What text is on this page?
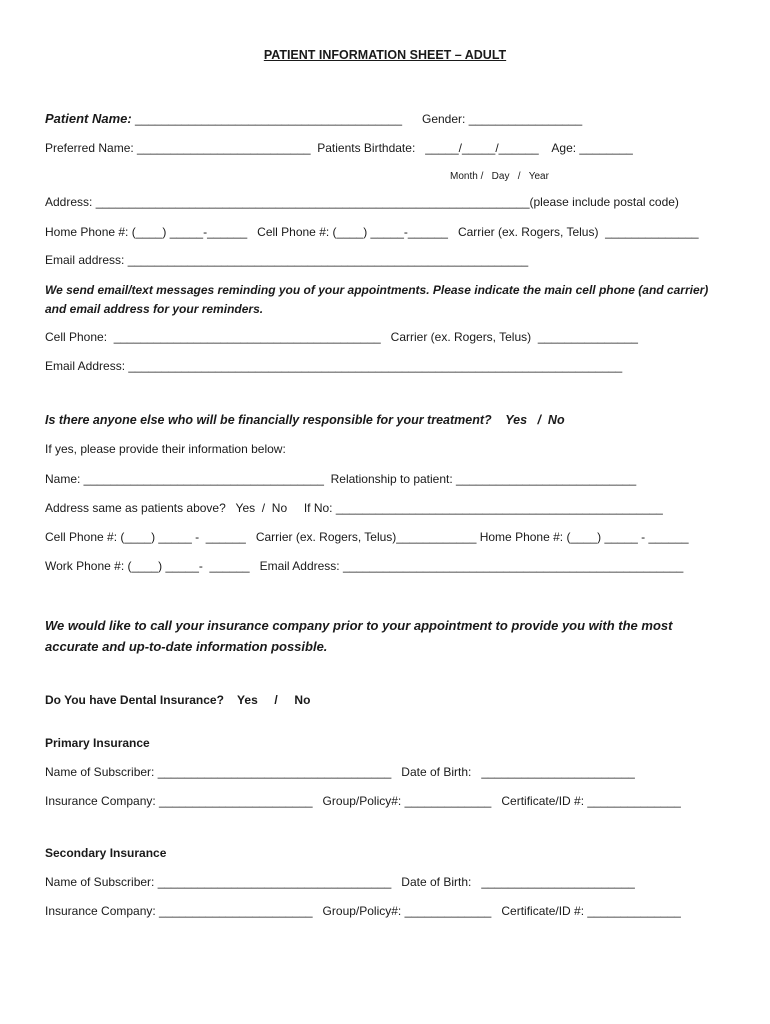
PATIENT INFORMATION SHEET – ADULT
Patient Name: ________________________________________      Gender: _________________
Preferred Name: __________________________  Patients Birthdate:   _____/_____/______    Age: ________
Month /   Day   /   Year
Address: _________________________________________________________________(please include postal code)
Home Phone #: (____) _____-______   Cell Phone #: (____) _____-______   Carrier (ex. Rogers, Telus)  ______________
Email address: ____________________________________________________________
We send email/text messages reminding you of your appointments. Please indicate the main cell phone (and carrier)
and email address for your reminders.
Cell Phone:  ________________________________________   Carrier (ex. Rogers, Telus)  _______________
Email Address: __________________________________________________________________________
Is there anyone else who will be financially responsible for your treatment?    Yes   /  No
If yes, please provide their information below:
Name: ____________________________________  Relationship to patient: ___________________________
Address same as patients above?   Yes  /  No     If No: _________________________________________________
Cell Phone #: (____) _____ -  ______   Carrier (ex. Rogers, Telus)____________ Home Phone #: (____) _____ - ______
Work Phone #: (____) _____-  ______   Email Address: ___________________________________________________
We would like to call your insurance company prior to your appointment to provide you with the most
accurate and up-to-date information possible.
Do You have Dental Insurance?    Yes     /     No
Primary Insurance
Name of Subscriber: ___________________________________   Date of Birth:   _______________________
Insurance Company: _______________________   Group/Policy#: _____________   Certificate/ID #: ______________
Secondary Insurance
Name of Subscriber: ___________________________________   Date of Birth:   _______________________
Insurance Company: _______________________   Group/Policy#: _____________   Certificate/ID #: ______________
